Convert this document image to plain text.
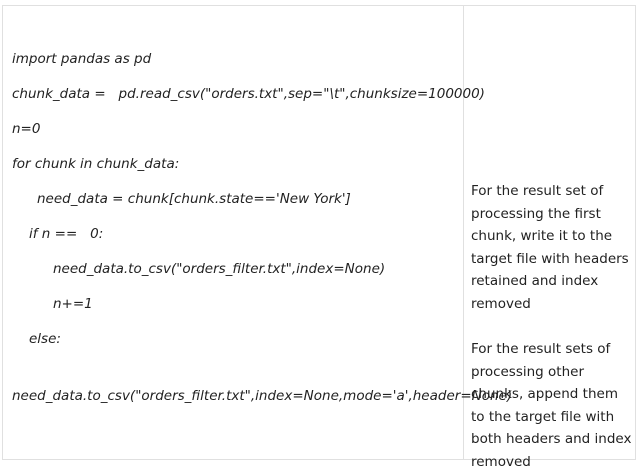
import pandas as pd
chunk_data =   pd.read_csv("orders.txt",sep="\t",chunksize=100000)
n=0
for chunk in chunk_data:
need_data = chunk[chunk.state=='New York']
if n ==   0:
need_data.to_csv("orders_filter.txt",index=None)
n+=1
else:
need_data.to_csv("orders_filter.txt",index=None,mode='a',header=None)
For the result set of processing the first chunk, write it to the target file with headers retained and index removed
For the result sets of processing other chunks, append them to the target file with both headers and index removed
